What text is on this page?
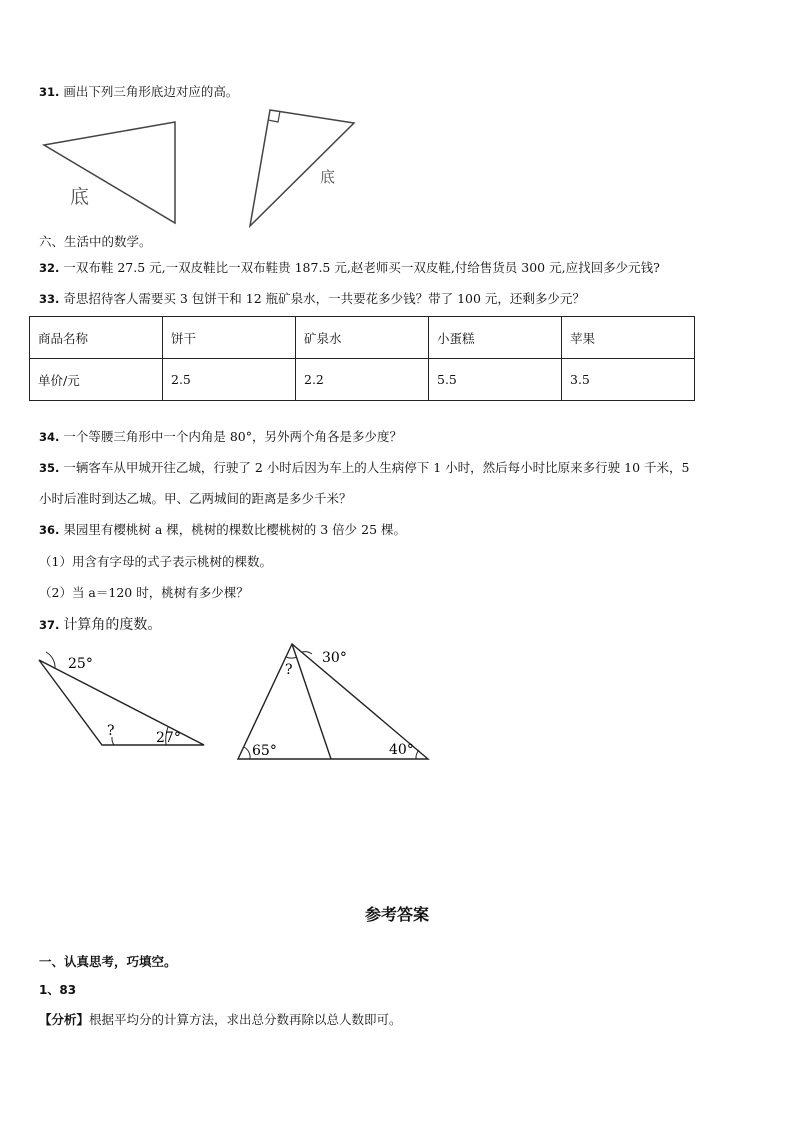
31. 画出下列三角形底边对应的高。
底
底
六、生活中的数学。
32. 一双布鞋 27.5 元,一双皮鞋比一双布鞋贵 187.5 元,赵老师买一双皮鞋,付给售货员 300 元,应找回多少元钱?
33. 奇思招待客人需要买 3 包饼干和 12 瓶矿泉水，一共要花多少钱？带了 100 元，还剩多少元？
商品名称	饼干	矿泉水	小蛋糕	苹果
单价/元	2.5	2.2	5.5	3.5
34. 一个等腰三角形中一个内角是 80°，另外两个角各是多少度？
35. 一辆客车从甲城开往乙城，行驶了 2 小时后因为车上的人生病停下 1 小时，然后每小时比原来多行驶 10 千米，5
小时后准时到达乙城。甲、乙两城间的距离是多少千米？
36. 果园里有樱桃树 a 棵，桃树的棵数比樱桃树的 3 倍少 25 棵。
（1）用含有字母的式子表示桃树的棵数。
（2）当 a＝120 时，桃树有多少棵？
37. 计算角的度数。
25°
?	27°
30°
?
65°	40°
参考答案
一、认真思考，巧填空。
1、83
【分析】根据平均分的计算方法，求出总分数再除以总人数即可。
